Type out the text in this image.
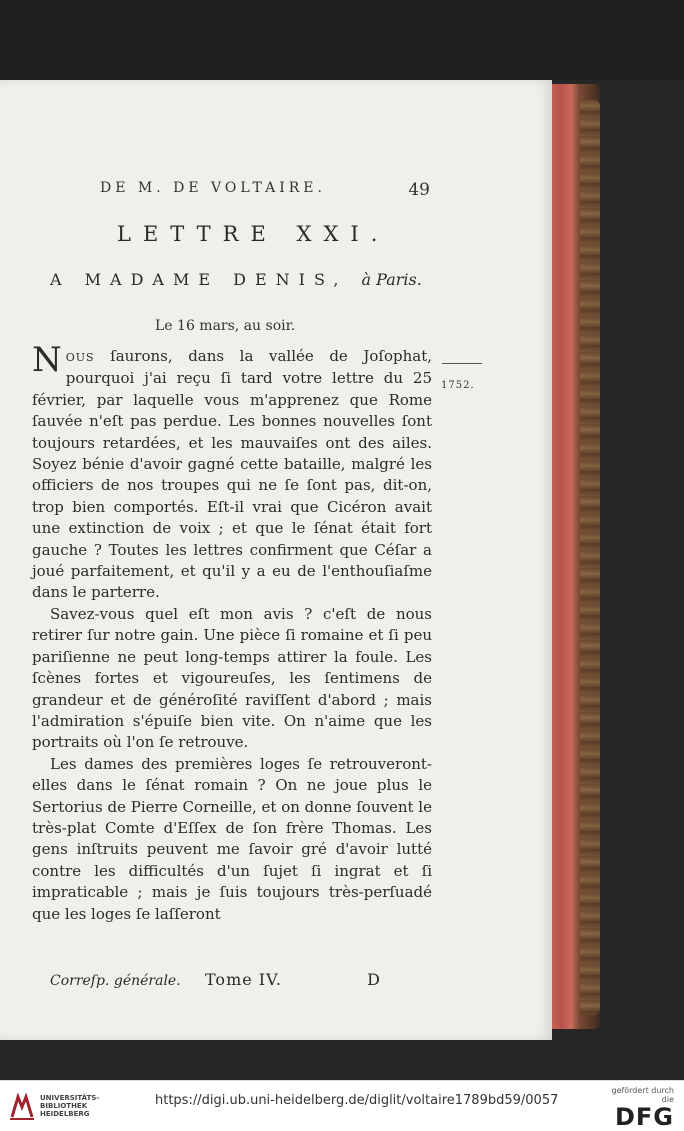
DE M. DE VOLTAIRE.	49
LETTRE XXI.
A MADAME DENIS, à Paris.
Le 16 mars, au soir.
1752.

NOUS ſaurons, dans la vallée de Joſophat, pourquoi j'ai reçu ſi tard votre lettre du 25 février, par laquelle vous m'apprenez que Rome ſauvée n'eſt pas perdue. Les bonnes nouvelles ſont toujours retardées, et les mauvaiſes ont des ailes. Soyez bénie d'avoir gagné cette bataille, malgré les officiers de nos troupes qui ne ſe ſont pas, dit-on, trop bien comportés. Eſt-il vrai que Cicéron avait une extinction de voix ; et que le ſénat était fort gauche ? Toutes les lettres confirment que Céſar a joué parfaitement, et qu'il y a eu de l'enthouſiaſme dans le parterre.

Savez-vous quel eſt mon avis ? c'eſt de nous retirer ſur notre gain. Une pièce ſi romaine et ſi peu pariſienne ne peut long-temps attirer la foule. Les ſcènes fortes et vigoureuſes, les ſentimens de grandeur et de généroſité raviſſent d'abord ; mais l'admiration s'épuiſe bien vite. On n'aime que les portraits où l'on ſe retrouve.

Les dames des premières loges ſe retrouveront-elles dans le ſénat romain ? On ne joue plus le Sertorius de Pierre Corneille, et on donne ſouvent le très-plat Comte d'Eſſex de ſon frère Thomas. Les gens inſtruits peuvent me ſavoir gré d'avoir lutté contre les difficultés d'un ſujet ſi ingrat et ſi impraticable ; mais je ſuis toujours très-perſuadé que les loges ſe laſſeront

Correſp. générale. Tome IV.	D
UNIVERSITÄTS-
BIBLIOTHEK
HEIDELBERG
https://digi.ub.uni-heidelberg.de/diglit/voltaire1789bd59/0057
gefördert durch die
DFG
